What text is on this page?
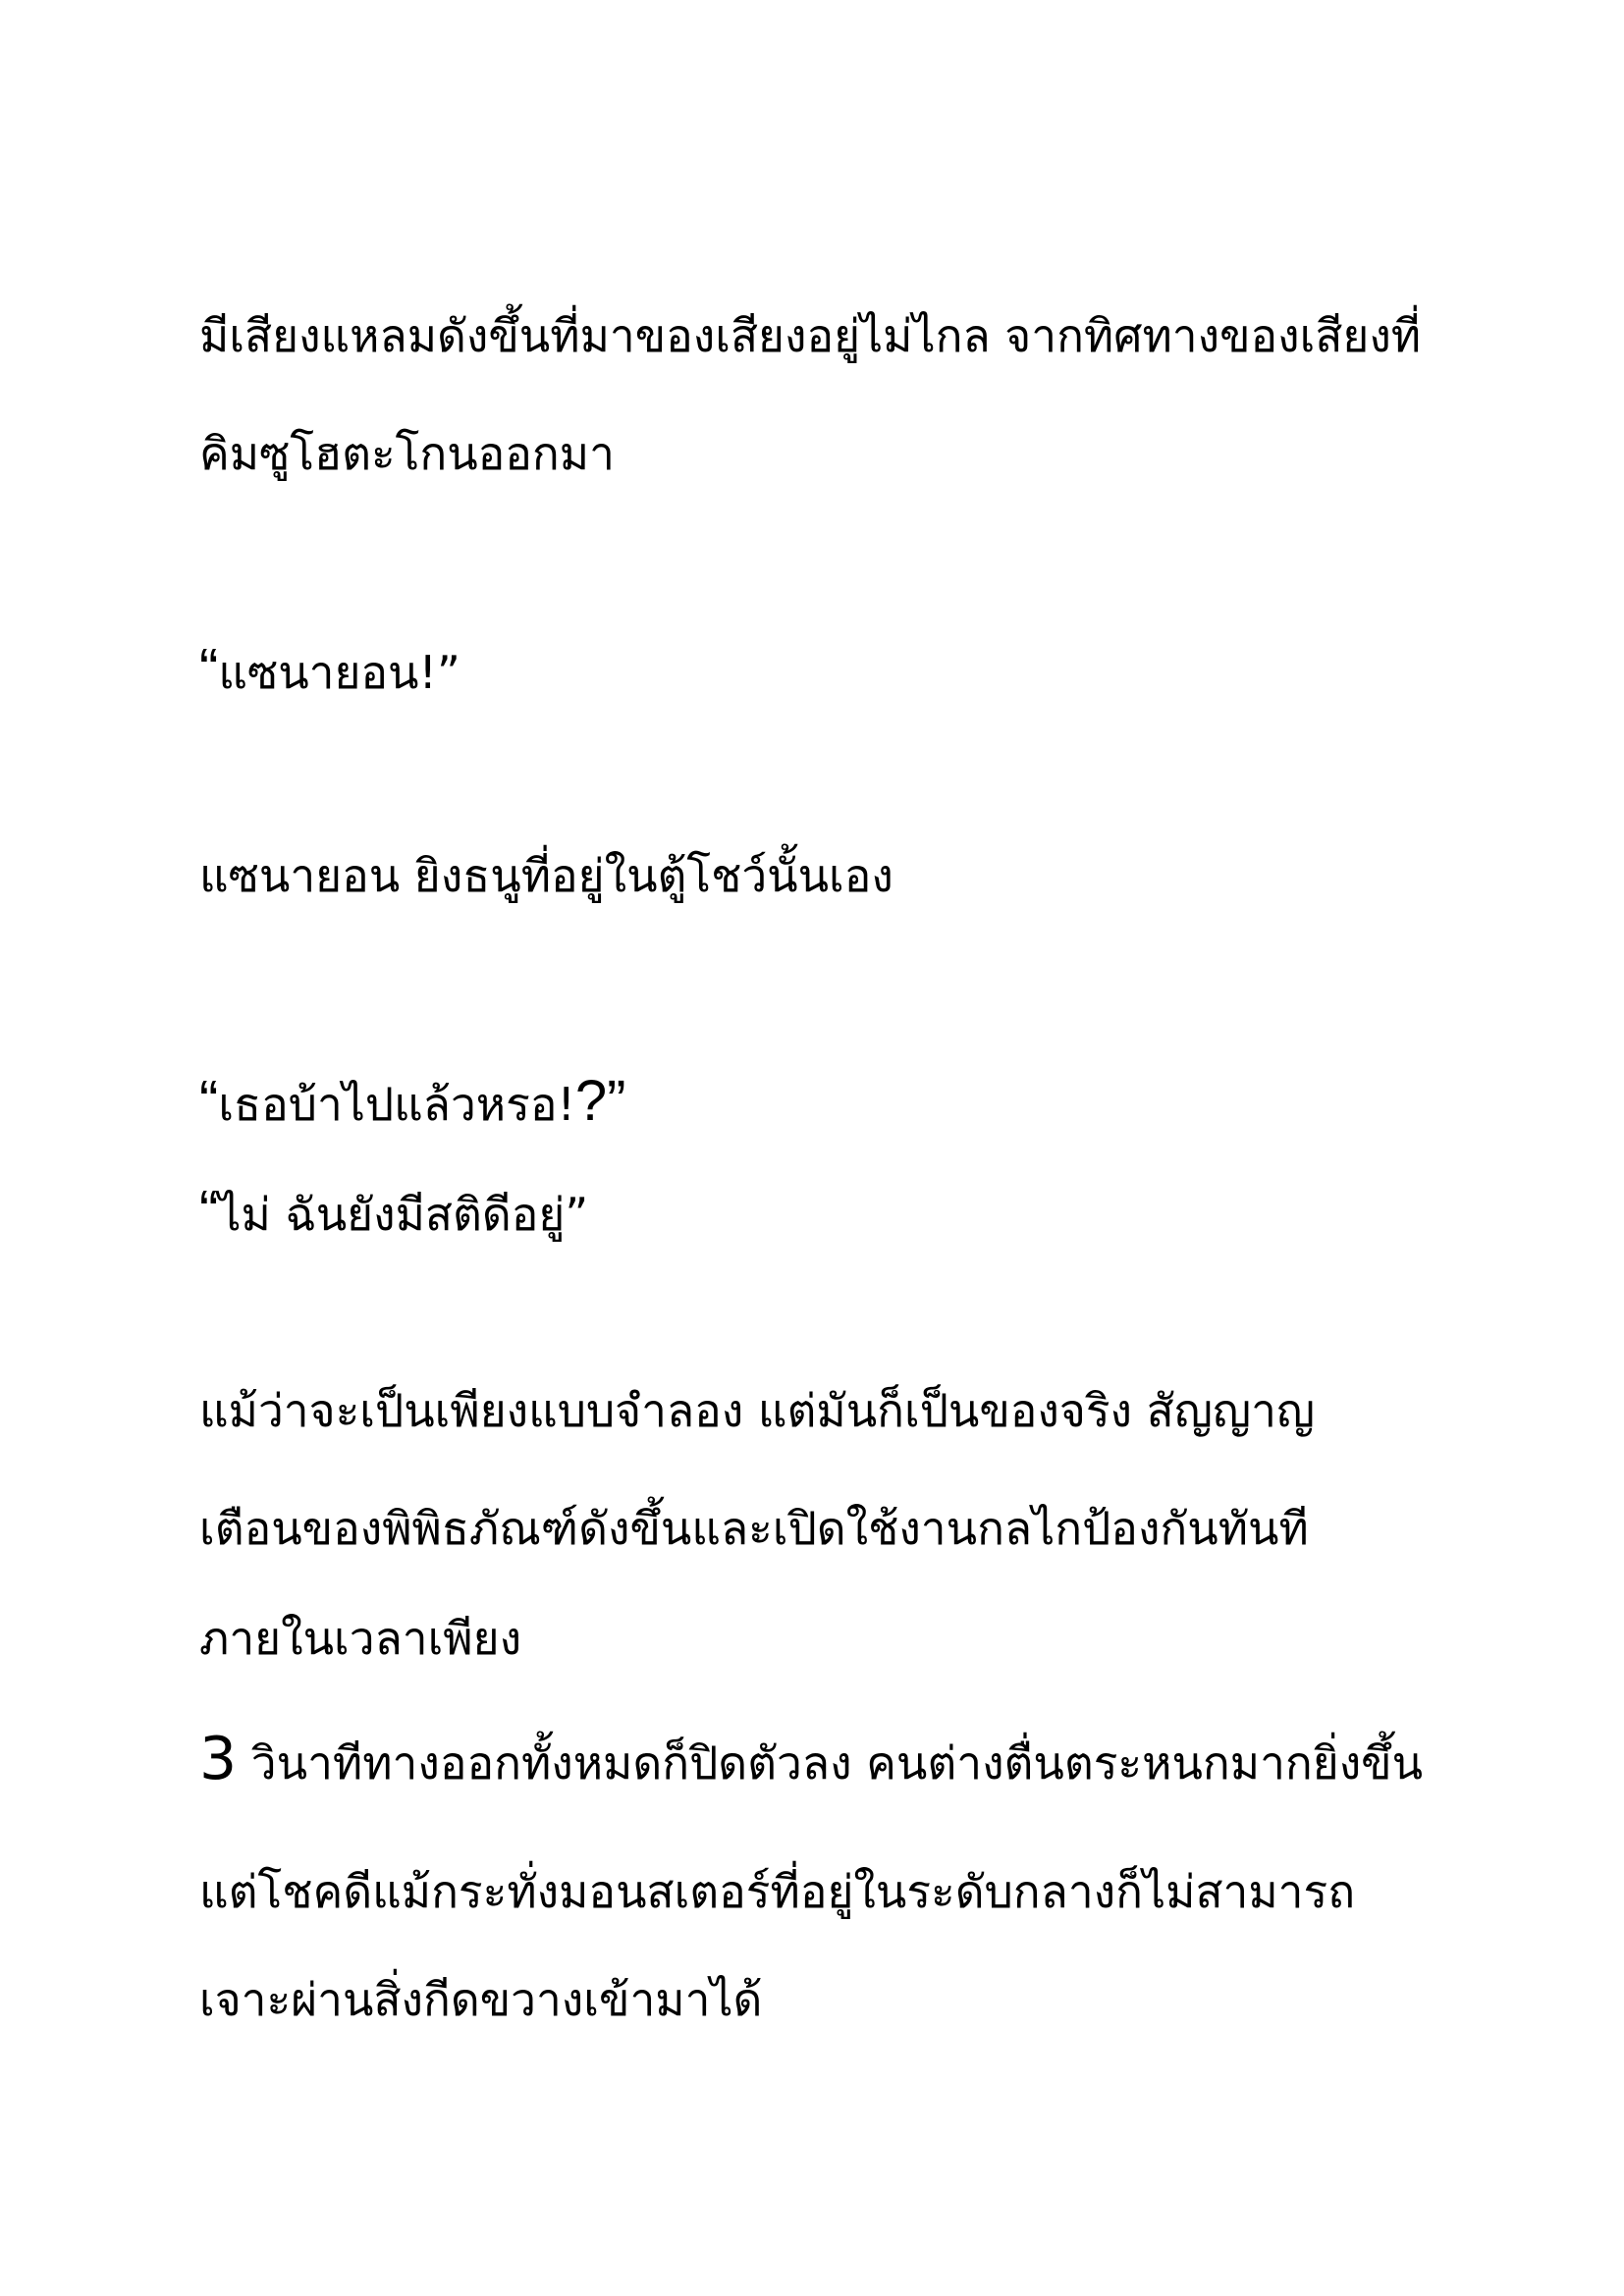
มีเสียงแหลมดังขึ้นที่มาของเสียงอยู่ไม่ไกล จากทิศทางของเสียงที่

คิมซูโฮตะโกนออกมา

“แซนายอน!”

แซนายอน ยิงธนูที่อยู่ในตู้โชว์นั้นเอง

“เธอบ้าไปแล้วหรอ!?”

“ไม่ ฉันยังมีสติดีอยู่”

แม้ว่าจะเป็นเพียงแบบจำลอง แต่มันก็เป็นของจริง สัญญาญ

เตือนของพิพิธภัณฑ์ดังขึ้นและเปิดใช้งานกลไกป้องกันทันที

ภายในเวลาเพียง

3 วินาทีทางออกทั้งหมดก็ปิดตัวลง คนต่างตื่นตระหนกมากยิ่งขึ้น

แต่โชคดีแม้กระทั่งมอนสเตอร์ที่อยู่ในระดับกลางก็ไม่สามารถ

เจาะผ่านสิ่งกีดขวางเข้ามาได้
